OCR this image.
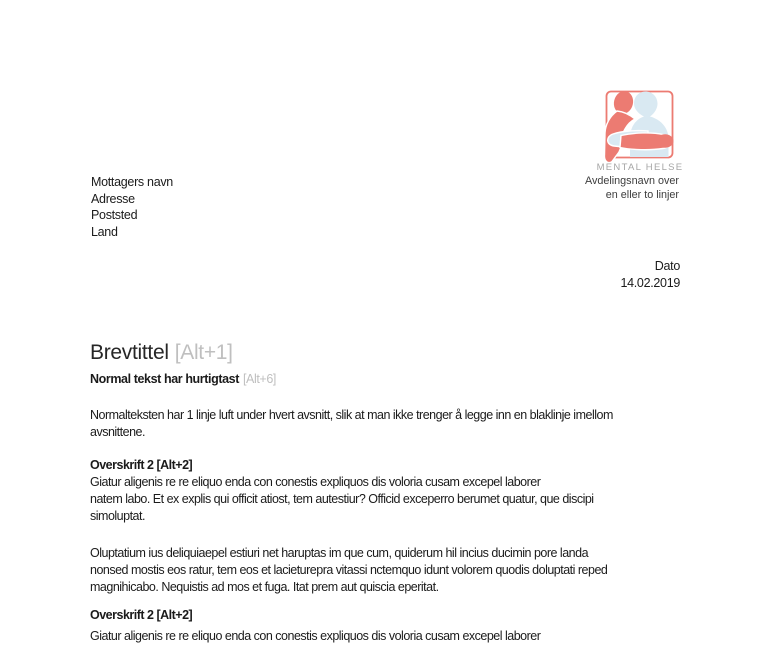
MENTAL HELSE
Avdelingsnavn over
en eller to linjer
Mottagers navn
Adresse
Poststed
Land
Dato
14.02.2019
Brevtittel [Alt+1]
Normal tekst har hurtigtast [Alt+6]
Normalteksten har 1 linje luft under hvert avsnitt, slik at man ikke trenger å legge inn en blaklinje imellom
avsnittene.
Overskrift 2 [Alt+2]
Giatur aligenis re re eliquo enda con conestis expliquos dis voloria cusam excepel laborer
natem labo. Et ex explis qui officit atiost, tem autestiur? Officid exceperro berumet quatur, que discipi
simoluptat.
Oluptatium ius deliquiaepel estiuri net haruptas im que cum, quiderum hil incius ducimin pore landa
nonsed mostis eos ratur, tem eos et lacieturepra vitassi nctemquo idunt volorem quodis doluptati reped
magnihicabo. Nequistis ad mos et fuga. Itat prem aut quiscia eperitat.
Overskrift 2 [Alt+2]
Giatur aligenis re re eliquo enda con conestis expliquos dis voloria cusam excepel laborer
